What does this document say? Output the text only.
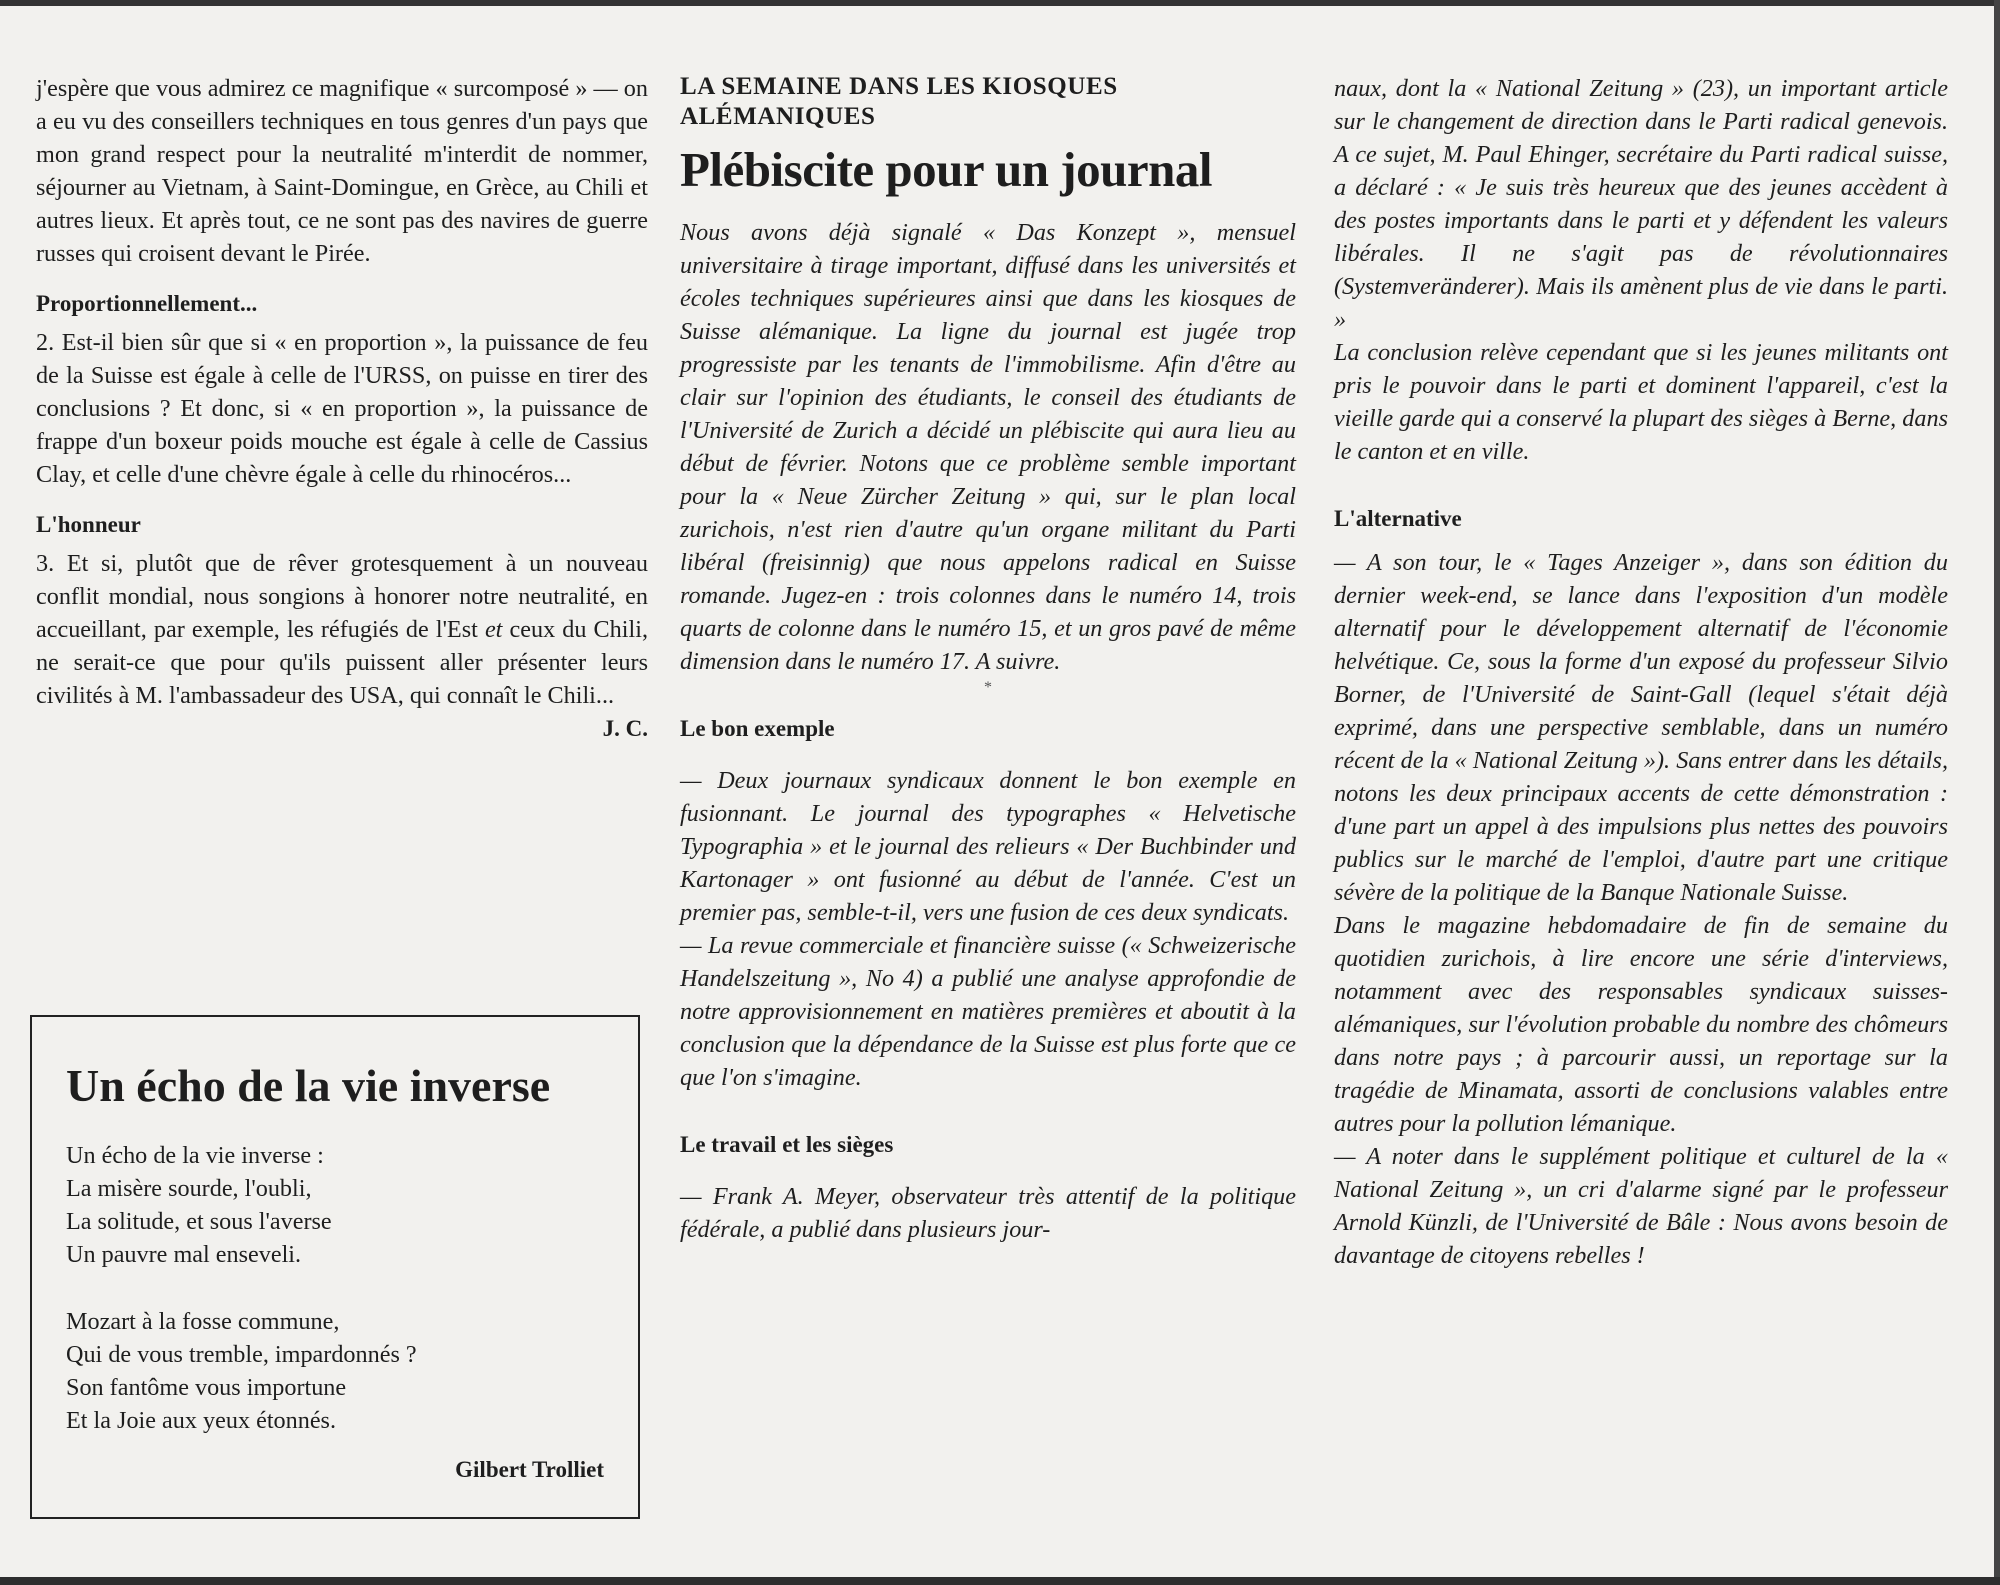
j'espère que vous admirez ce magnifique « surcomposé » — on a eu vu des conseillers techniques en tous genres d'un pays que mon grand respect pour la neutralité m'interdit de nommer, séjourner au Vietnam, à Saint-Domingue, en Grèce, au Chili et autres lieux. Et après tout, ce ne sont pas des navires de guerre russes qui croisent devant le Pirée.

Proportionnellement...

2. Est-il bien sûr que si « en proportion », la puissance de feu de la Suisse est égale à celle de l'URSS, on puisse en tirer des conclusions ? Et donc, si « en proportion », la puissance de frappe d'un boxeur poids mouche est égale à celle de Cassius Clay, et celle d'une chèvre égale à celle du rhinocéros...

L'honneur

3. Et si, plutôt que de rêver grotesquement à un nouveau conflit mondial, nous songions à honorer notre neutralité, en accueillant, par exemple, les réfugiés de l'Est et ceux du Chili, ne serait-ce que pour qu'ils puissent aller présenter leurs civilités à M. l'ambassadeur des USA, qui connaît le Chili...

J. C.

Un écho de la vie inverse

Un écho de la vie inverse :
La misère sourde, l'oubli,
La solitude, et sous l'averse
Un pauvre mal enseveli.
Mozart à la fosse commune,
Qui de vous tremble, impardonnés ?
Son fantôme vous importune
Et la Joie aux yeux étonnés.

Gilbert Trolliet

LA SEMAINE DANS LES KIOSQUES ALÉMANIQUES

Plébiscite pour un journal

Nous avons déjà signalé « Das Konzept », mensuel universitaire à tirage important, diffusé dans les universités et écoles techniques supérieures ainsi que dans les kiosques de Suisse alémanique. La ligne du journal est jugée trop progressiste par les tenants de l'immobilisme. Afin d'être au clair sur l'opinion des étudiants, le conseil des étudiants de l'Université de Zurich a décidé un plébiscite qui aura lieu au début de février. Notons que ce problème semble important pour la « Neue Zürcher Zeitung » qui, sur le plan local zurichois, n'est rien d'autre qu'un organe militant du Parti libéral (freisinnig) que nous appelons radical en Suisse romande. Jugez-en : trois colonnes dans le numéro 14, trois quarts de colonne dans le numéro 15, et un gros pavé de même dimension dans le numéro 17. A suivre.

*

Le bon exemple

— Deux journaux syndicaux donnent le bon exemple en fusionnant. Le journal des typographes « Helvetische Typographia » et le journal des relieurs « Der Buchbinder und Kartonager » ont fusionné au début de l'année. C'est un premier pas, semble-t-il, vers une fusion de ces deux syndicats.

— La revue commerciale et financière suisse (« Schweizerische Handelszeitung », No 4) a publié une analyse approfondie de notre approvisionnement en matières premières et aboutit à la conclusion que la dépendance de la Suisse est plus forte que ce que l'on s'imagine.

Le travail et les sièges

— Frank A. Meyer, observateur très attentif de la politique fédérale, a publié dans plusieurs jour-

naux, dont la « National Zeitung » (23), un important article sur le changement de direction dans le Parti radical genevois. A ce sujet, M. Paul Ehinger, secrétaire du Parti radical suisse, a déclaré : « Je suis très heureux que des jeunes accèdent à des postes importants dans le parti et y défendent les valeurs libérales. Il ne s'agit pas de révolutionnaires (Systemveränderer). Mais ils amènent plus de vie dans le parti. »

La conclusion relève cependant que si les jeunes militants ont pris le pouvoir dans le parti et dominent l'appareil, c'est la vieille garde qui a conservé la plupart des sièges à Berne, dans le canton et en ville.

L'alternative

— A son tour, le « Tages Anzeiger », dans son édition du dernier week-end, se lance dans l'exposition d'un modèle alternatif pour le développement alternatif de l'économie helvétique. Ce, sous la forme d'un exposé du professeur Silvio Borner, de l'Université de Saint-Gall (lequel s'était déjà exprimé, dans une perspective semblable, dans un numéro récent de la « National Zeitung »). Sans entrer dans les détails, notons les deux principaux accents de cette démonstration : d'une part un appel à des impulsions plus nettes des pouvoirs publics sur le marché de l'emploi, d'autre part une critique sévère de la politique de la Banque Nationale Suisse.

Dans le magazine hebdomadaire de fin de semaine du quotidien zurichois, à lire encore une série d'interviews, notamment avec des responsables syndicaux suisses-alémaniques, sur l'évolution probable du nombre des chômeurs dans notre pays ; à parcourir aussi, un reportage sur la tragédie de Minamata, assorti de conclusions valables entre autres pour la pollution lémanique.

— A noter dans le supplément politique et culturel de la « National Zeitung », un cri d'alarme signé par le professeur Arnold Künzli, de l'Université de Bâle : Nous avons besoin de davantage de citoyens rebelles !
